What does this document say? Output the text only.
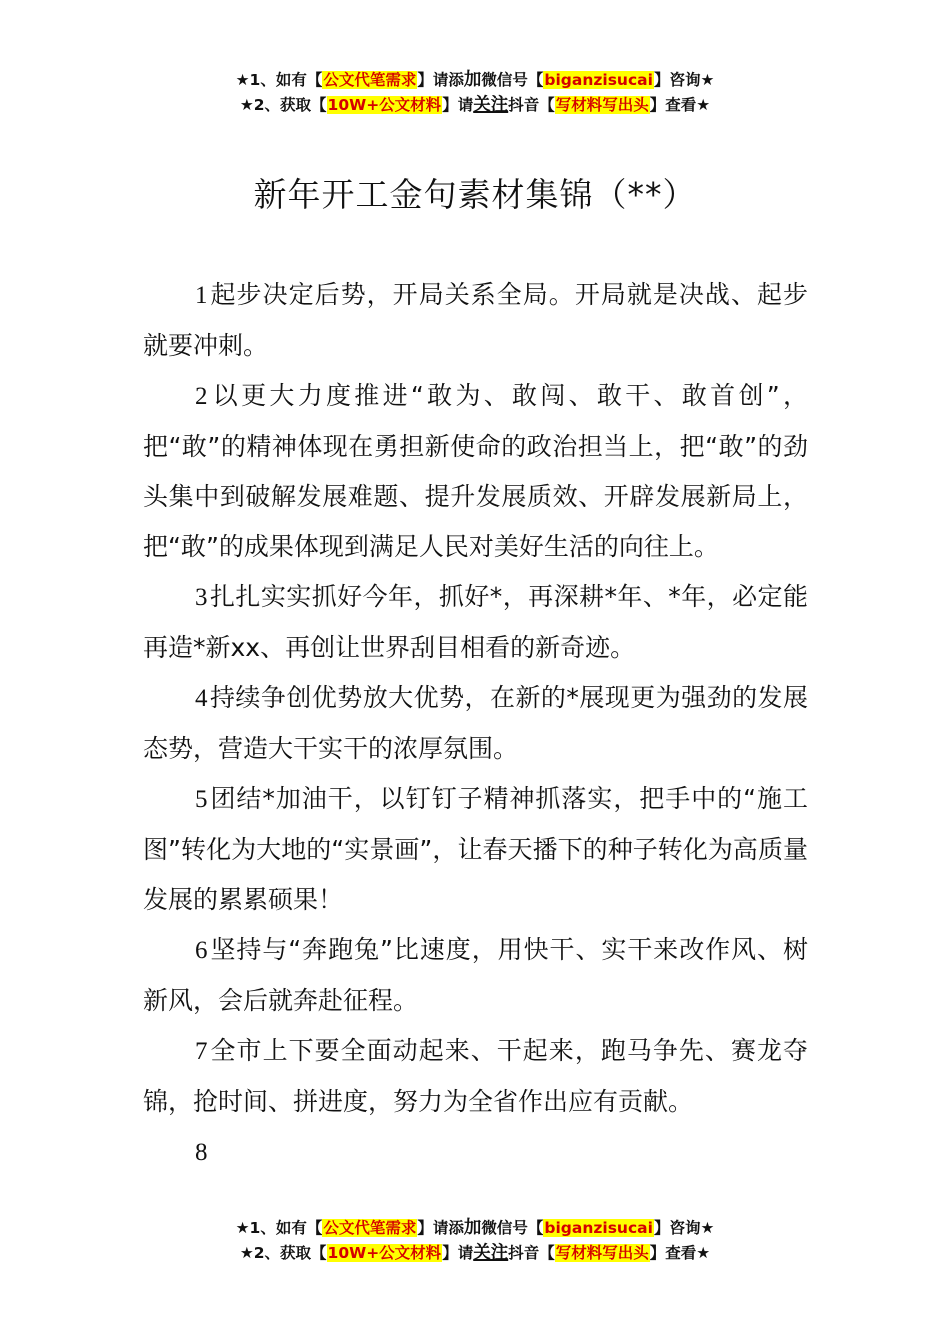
★1、如有【公文代笔需求】请添加微信号【biganzisucai】咨询★
★2、获取【10W+公文材料】请关注抖音【写材料写出头】查看★
新年开工金句素材集锦（**）

1起步决定后势，开局关系全局。开局就是决战、起步就要冲刺。

2以更大力度推进“敢为、敢闯、敢干、敢首创”，把“敢”的精神体现在勇担新使命的政治担当上，把“敢”的劲头集中到破解发展难题、提升发展质效、开辟发展新局上，把“敢”的成果体现到满足人民对美好生活的向往上。

3扎扎实实抓好今年，抓好*，再深耕*年、*年，必定能再造*新xx、再创让世界刮目相看的新奇迹。

4持续争创优势放大优势，在新的*展现更为强劲的发展态势，营造大干实干的浓厚氛围。

5团结*加油干，以钉钉子精神抓落实，把手中的“施工图”转化为大地的“实景画”，让春天播下的种子转化为高质量发展的累累硕果！

6坚持与“奔跑兔”比速度，用快干、实干来改作风、树新风，会后就奔赴征程。

7全市上下要全面动起来、干起来，跑马争先、赛龙夺锦，抢时间、拼进度，努力为全省作出应有贡献。

8

★1、如有【公文代笔需求】请添加微信号【biganzisucai】咨询★
★2、获取【10W+公文材料】请关注抖音【写材料写出头】查看★
